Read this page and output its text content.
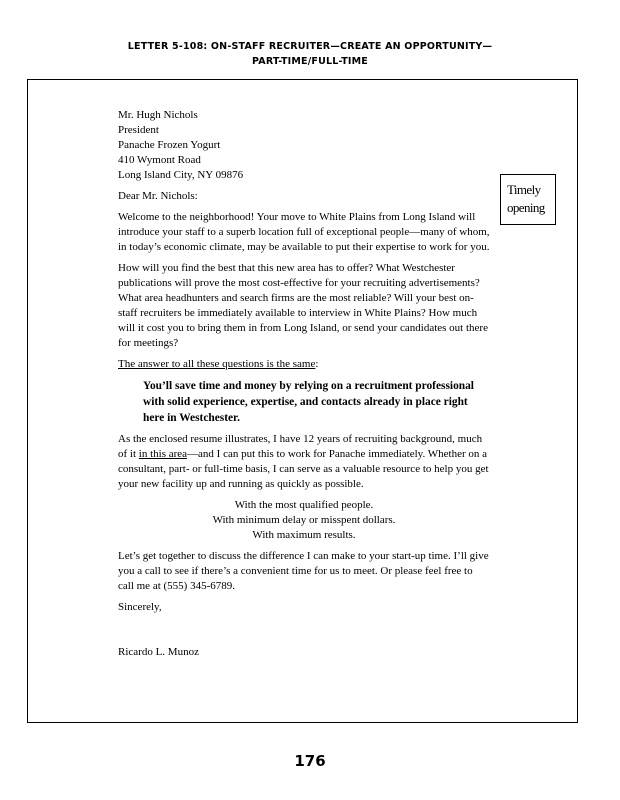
LETTER 5-108: ON-STAFF RECRUITER—CREATE AN OPPORTUNITY—
PART-TIME/FULL-TIME

Mr. Hugh Nichols

President

Panache Frozen Yogurt

410 Wymont Road

Long Island City, NY 09876

Dear Mr. Nichols:

Welcome to the neighborhood! Your move to White Plains from Long Island will introduce your staff to a superb location full of exceptional people—many of whom, in today’s economic climate, may be available to put their expertise to work for you.

How will you find the best that this new area has to offer? What Westchester publications will prove the most cost-effective for your recruiting advertisements? What area headhunters and search firms are the most reliable? Will your best on-staff recruiters be immediately available to interview in White Plains? How much will it cost you to bring them in from Long Island, or send your candidates out there for meetings?

The answer to all these questions is the same:

You’ll save time and money by relying on a recruitment professional with solid experience, expertise, and contacts already in place right here in Westchester.

As the enclosed resume illustrates, I have 12 years of recruiting background, much of it in this area—and I can put this to work for Panache immediately. Whether on a consultant, part- or full-time basis, I can serve as a valuable resource to help you get your new facility up and running as quickly as possible.

With the most qualified people.

With minimum delay or misspent dollars.

With maximum results.

Let’s get together to discuss the difference I can make to your start-up time. I’ll give you a call to see if there’s a convenient time for us to meet. Or please feel free to call me at (555) 345-6789.

Sincerely,

Ricardo L. Munoz

Timely opening
176
